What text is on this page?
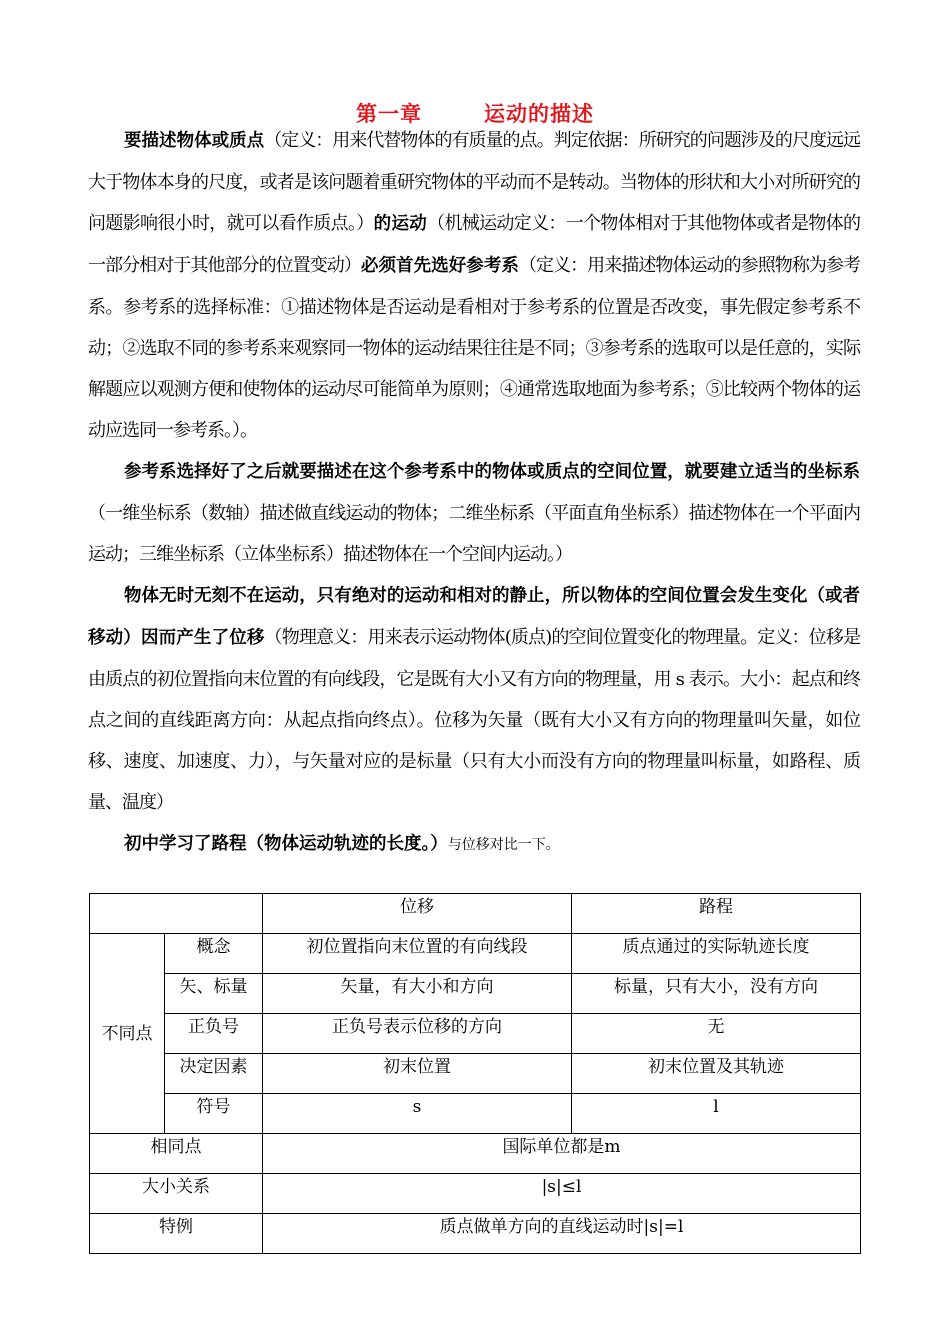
第一章	运动的描述

要描述物体或质点（定义：用来代替物体的有质量的点。判定依据：所研究的问题涉及的尺度远远大于物体本身的尺度，或者是该问题着重研究物体的平动而不是转动。当物体的形状和大小对所研究的问题影响很小时，就可以看作质点。）的运动（机械运动定义：一个物体相对于其他物体或者是物体的一部分相对于其他部分的位置变动）必须首先选好参考系（定义：用来描述物体运动的参照物称为参考系。参考系的选择标准：①描述物体是否运动是看相对于参考系的位置是否改变，事先假定参考系不动；②选取不同的参考系来观察同一物体的运动结果往往是不同；③参考系的选取可以是任意的，实际解题应以观测方便和使物体的运动尽可能简单为原则；④通常选取地面为参考系；⑤比较两个物体的运动应选同一参考系。）。

参考系选择好了之后就要描述在这个参考系中的物体或质点的空间位置，就要建立适当的坐标系（一维坐标系（数轴）描述做直线运动的物体；二维坐标系（平面直角坐标系）描述物体在一个平面内运动；三维坐标系（立体坐标系）描述物体在一个空间内运动。）

物体无时无刻不在运动，只有绝对的运动和相对的静止，所以物体的空间位置会发生变化（或者移动）因而产生了位移（物理意义：用来表示运动物体(质点)的空间位置变化的物理量。定义：位移是由质点的初位置指向末位置的有向线段，它是既有大小又有方向的物理量，用 s 表示。大小：起点和终点之间的直线距离方向：从起点指向终点）。位移为矢量（既有大小又有方向的物理量叫矢量，如位移、速度、加速度、力），与矢量对应的是标量（只有大小而没有方向的物理量叫标量，如路程、质量、温度）

初中学习了路程（物体运动轨迹的长度。）与位移对比一下。

		位移	路程
不同点	概念	初位置指向末位置的有向线段	质点通过的实际轨迹长度
	矢、标量	矢量，有大小和方向	标量，只有大小，没有方向
	正负号	正负号表示位移的方向	无
	决定因素	初末位置	初末位置及其轨迹
	符号	s	l
相同点		国际单位都是m	
大小关系		|s|≤l	
特例		质点做单方向的直线运动时|s|=l	
